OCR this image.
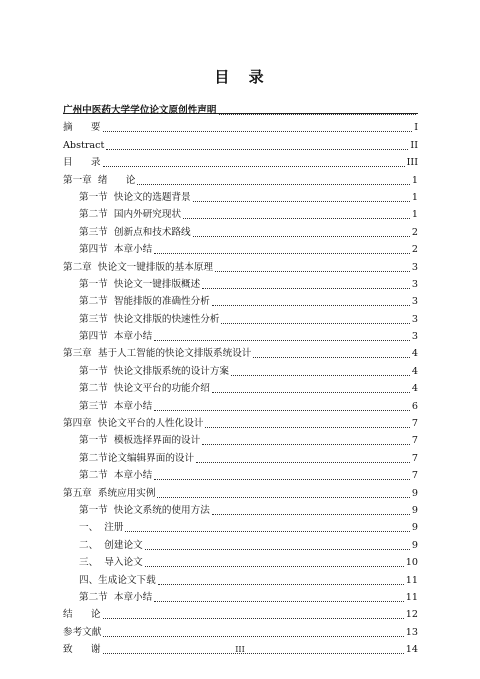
目 录
广州中医药大学学位论文原创性声明
摘      要	I
Abstract	II
目      录	III
第一章  绪      论	1
第一节  快论文的选题背景	1
第二节  国内外研究现状	1
第三节  创新点和技术路线	2
第四节  本章小结	2
第二章  快论文一键排版的基本原理	3
第一节  快论文一键排版概述	3
第二节  智能排版的准确性分析	3
第三节  快论文排版的快速性分析	3
第四节  本章小结	3
第三章  基于人工智能的快论文排版系统设计	4
第一节  快论文排版系统的设计方案	4
第二节  快论文平台的功能介绍	4
第三节  本章小结	6
第四章  快论文平台的人性化设计	7
第一节  模板选择界面的设计	7
第二节论文编辑界面的设计	7
第二节  本章小结	7
第五章  系统应用实例	9
第一节  快论文系统的使用方法	9
一、  注册	9
二、  创建论文	9
三、  导入论文	10
四、生成论文下载	11
第二节  本章小结	11
结      论	12
参考文献	13
致      谢	14
III
